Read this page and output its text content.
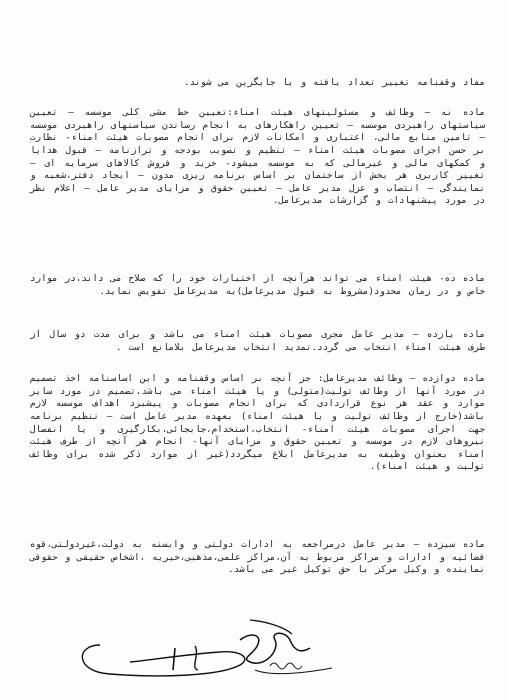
مفاد وقفنامه تغییر تعداد یافته و یا جایگزین می شوند.

ماده نه – وظائف و مسئولیتهای هیئت امناء:تعیین خط مشی کلی موسسه – تعیین سیاستهای راهبردی موسسه – تعیین راهکارهای به انجام رساندن سیاستهای راهبردی موسسه – تامین منابع مالی، اعتباری و امکانات لازم برای انجام مصوبات هیئت امناء- نظارت بر حسن اجرای مصوبات هیئت امناء – تنظیم و تصویب بودجه و ترازنامه – قبول هدایا و کمکهای مالی و غیرمالی که به موسسه میشود- خرید و فروش کالاهای سرمایه ای – تغییر کاربری هر بخش از ساختمان بر اساس برنامه ریزی مدون – ایجاد دفتر،شعبه و نمایندگی – انتصاب و عزل مدیر عامل – تعیین حقوق و مزایای مدیر عامل – اعلام نظر در مورد پیشنهادات و گزارشات مدیرعامل.

ماده ده- هیئت امناء می تواند هرآنچه از اختیارات خود را که صلاح می داند،در موارد خاص و در زمان محدود(مشروط به قبول مدیرعامل)به مدیرعامل تفویض نماید.

ماده یازده – مدیر عامل مجری مصوبات هیئت امناء می باشد و برای مدت دو سال از طرف هیئت امناء انتخاب می گردد.تمدید انتخاب مدیرعامل بلامانع است .

ماده دوازده – وظائف مدیرعامل: جز آنچه بر اساس وقفنامه و این اساسنامه اخذ تصمیم در مورد آنها از وظائف تولیت(متولی) و یا هیئت امناء می باشد،تصمیم در مورد سایر موارد و عقد هر نوع قراردادی که برای انجام مصوبات و پیشبرد اهداف موسسه لازم باشد(خارج از وظائف تولیت و یا هیئت امناء) بعهده مدیر عامل است – تنظیم برنامه جهت اجرای مصوبات هیئت امناء- انتخاب،استخدام،جابجائی،بکارگیری و یا انفصال نیروهای لازم در موسسه و تعیین حقوق و مزایای آنها- انجام هر آنچه از طرف هیئت امناء بعنوان وظیفه به مدیرعامل ابلاغ میگردد(غیر از موارد ذکر شده برای وظائف تولیت و هیئت امناء).

ماده سیزده – مدیر عامل درمراجعه به ادارات دولتی و وابسته به دولت،غیردولتی،قوه قضائیه و ادارات و مراکز مربوط به آن،مراکز علمی،مذهبی،خیریه ،اشخاص حقیقی و حقوقی نماینده و وکیل مرکز با حق توکیل غیر می باشد.
